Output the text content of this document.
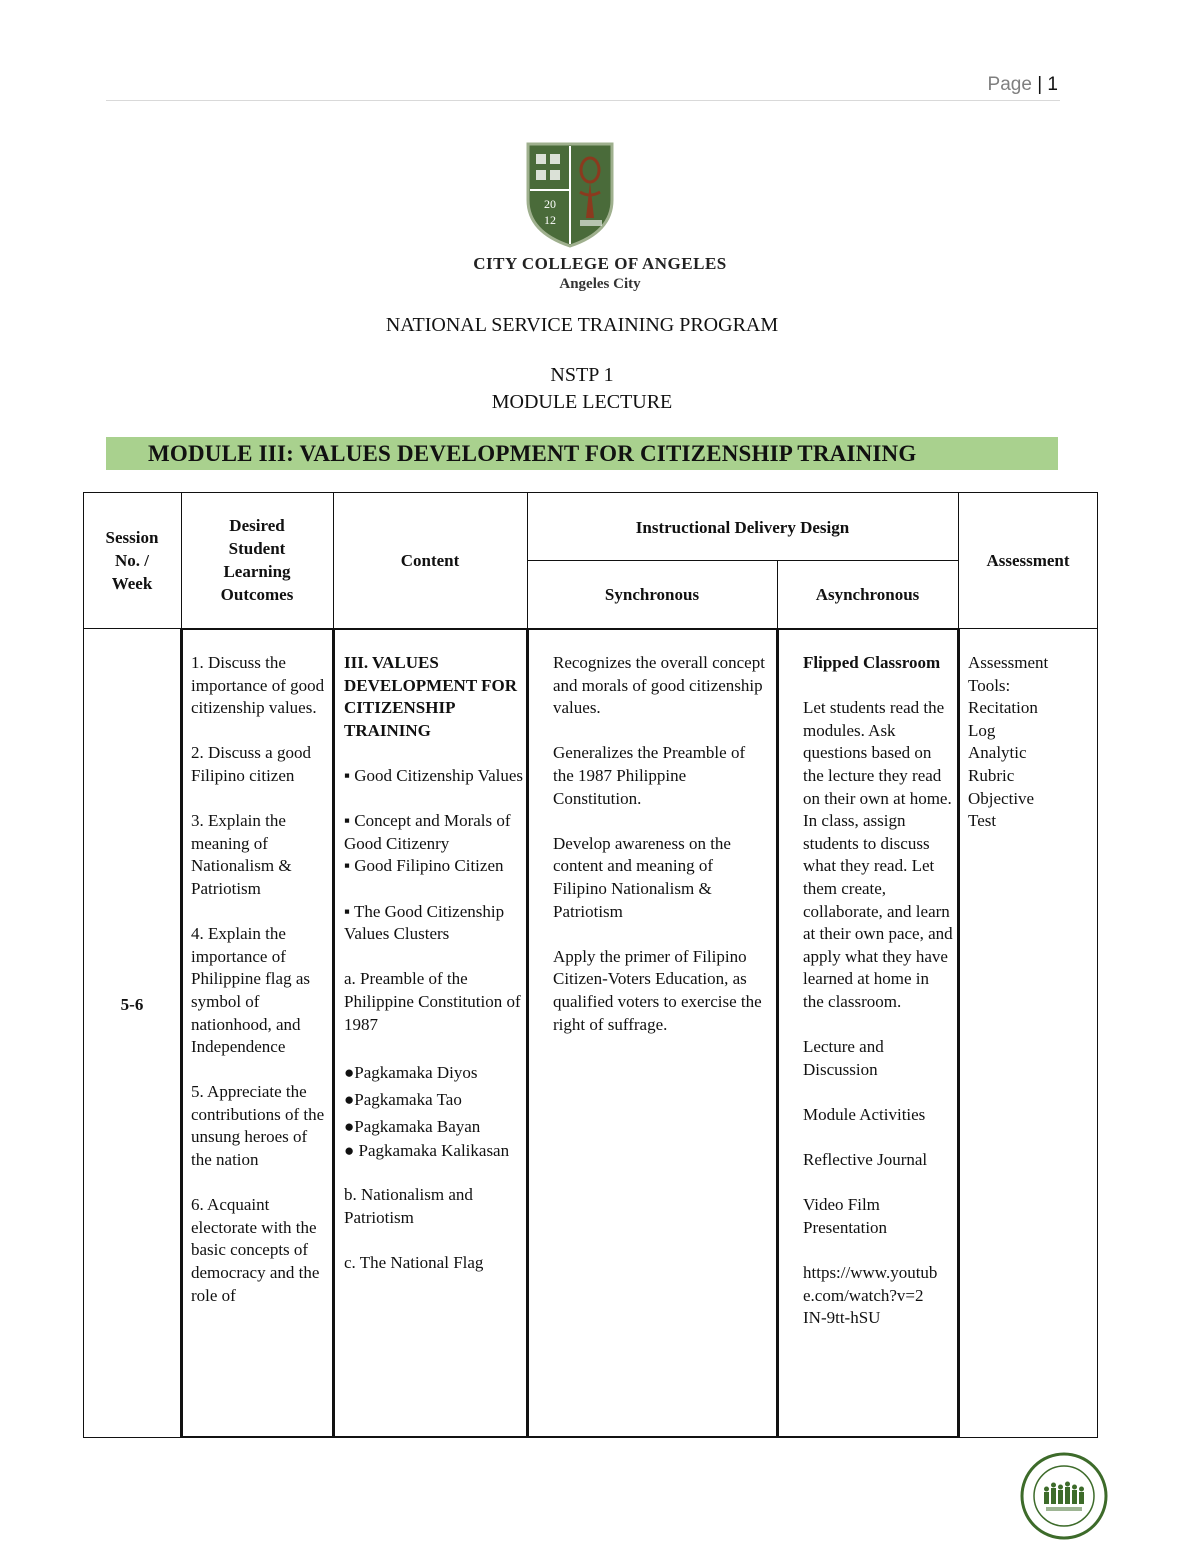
Page | 1
20
12
CITY COLLEGE OF ANGELES
Angeles City
NATIONAL SERVICE TRAINING PROGRAM
NSTP 1
MODULE LECTURE
MODULE III: VALUES DEVELOPMENT FOR CITIZENSHIP TRAINING
Session
No. /
Week
Desired
Student
Learning
Outcomes
Content
Instructional Delivery Design
Synchronous	Asynchronous
Assessment
5-6

1. Discuss the importance of good citizenship values.

2. Discuss a good Filipino citizen

3. Explain the meaning of Nationalism & Patriotism

4. Explain the importance of Philippine flag as symbol of nationhood, and Independence

5. Appreciate the contributions of the unsung heroes of the nation

6. Acquaint electorate with the basic concepts of democracy and the role of

III. VALUES DEVELOPMENT FOR CITIZENSHIP TRAINING

▪ Good Citizenship Values

▪ Concept and Morals of Good Citizenry

▪ Good Filipino Citizen

▪ The Good Citizenship Values Clusters

a. Preamble of the Philippine Constitution of 1987

●Pagkamaka Diyos
●Pagkamaka Tao
●Pagkamaka Bayan
● Pagkamaka Kalikasan

b. Nationalism and Patriotism

c. The National Flag

Recognizes the overall concept and morals of good citizenship values.

Generalizes the Preamble of the 1987 Philippine Constitution.

Develop awareness on the content and meaning of Filipino Nationalism & Patriotism

Apply the primer of Filipino Citizen-Voters Education, as qualified voters to exercise the right of suffrage.

Flipped Classroom

Let students read the modules. Ask questions based on the lecture they read on their own at home. In class, assign students to discuss what they read. Let them create, collaborate, and learn at their own pace, and apply what they have learned at home in the classroom.

Lecture and Discussion

Module Activities

Reflective Journal

Video Film Presentation

https://www.youtub
e.com/watch?v=2
IN-9tt-hSU
Assessment
Tools:
Recitation
Log
Analytic
Rubric
Objective
Test
